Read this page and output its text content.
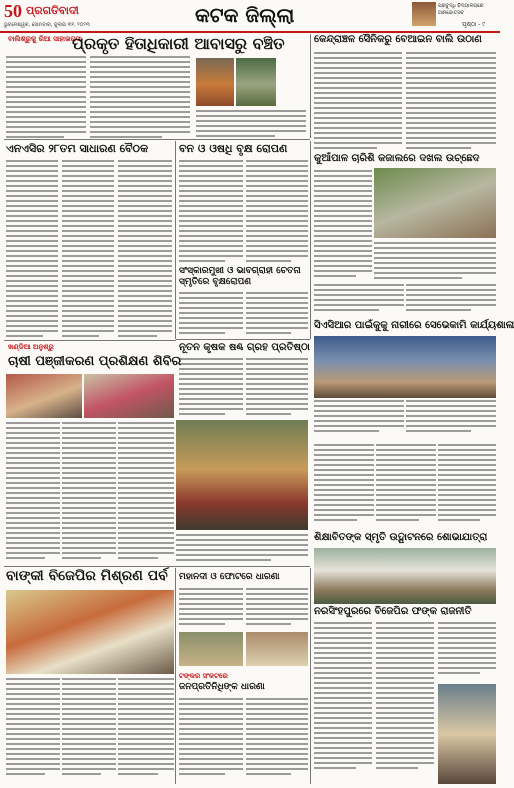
50 ପ୍ରଗତିବାଦୀ
ଭୁବନେଶ୍ୱର, ସୋମବାର, ଜୁଲାଇ ୩୧, ୨୦୨୩	କଟକ ଜିଲ୍ଲା	ପ୍ରବୁଦ୍ଧି ବିଦ୍ୟାଳୟରେ ଆନନ୍ଦୋତ୍ସବ
ପୃଷ୍ଠା - ୯
ବାଲିଶ୍ରୁକୁ ରିଆ ସାହାଭରସା
ପ୍ରକୃତ ହିତାଧିକାରୀ ଆବାସରୁ ବଞ୍ଚିତ	କେନ୍ଦ୍ରାଞ୍ଚଳ ସୈନିକରୁ ବେଆଇନ ବାଲି ଉଠାଣ
କୁଆଁପାଳ ଚାରିଶି କଜାଲରେ ଦଖଲ ଉଚ୍ଛେଦ
ଏନଏସିର ୨୮ତମ ସାଧାରଣ ବୈଠକ	ବନ ଓ ଓଷଧି ବୃକ୍ଷ ରୋପଣ
ସଂସ୍କାରମୁଖୀ ଓ ଭାବଗ୍ରାହୀ ଚେତନା ସ୍ମୃତିରେ ବୃକ୍ଷରୋପଣ
ସିଏସିଆର ପାଇଁକୁକୁ ନାରୀରେ ସେଭେକାମି କାର୍ଯ୍ୟଶାଳା
ନୂତନ କୃଷକ ଷଣ୍ଢ ଗ୍ରହ ପ୍ରତିଷ୍ଠା
ଖଣ୍ଡିଆ ଅନୁଶ୍ରୁ
ଚାଷୀ ପଞ୍ଜୀକରଣ ପ୍ରଶିକ୍ଷଣ ଶିବିର
ଶିକ୍ଷାବିତଙ୍କ ସ୍ମୃତି ଉଦ୍ଘାଟନରେ ଶୋଭାଯାତ୍ରା
ବାଙ୍କୀ ବିଜେପିର ମିଶ୍ରଣ ପର୍ବ	ମହାନଦୀ ଓ ଫୋଟରେ ଧାରଣା
ଟଙ୍କର ସଂକଟରେ
ଜନପ୍ରତିନିଧିଙ୍କ ଧାରଣା
ନରସିଂହପୁରରେ ବିଜେପିର ଫଙ୍କ ରାଜନୀତି
